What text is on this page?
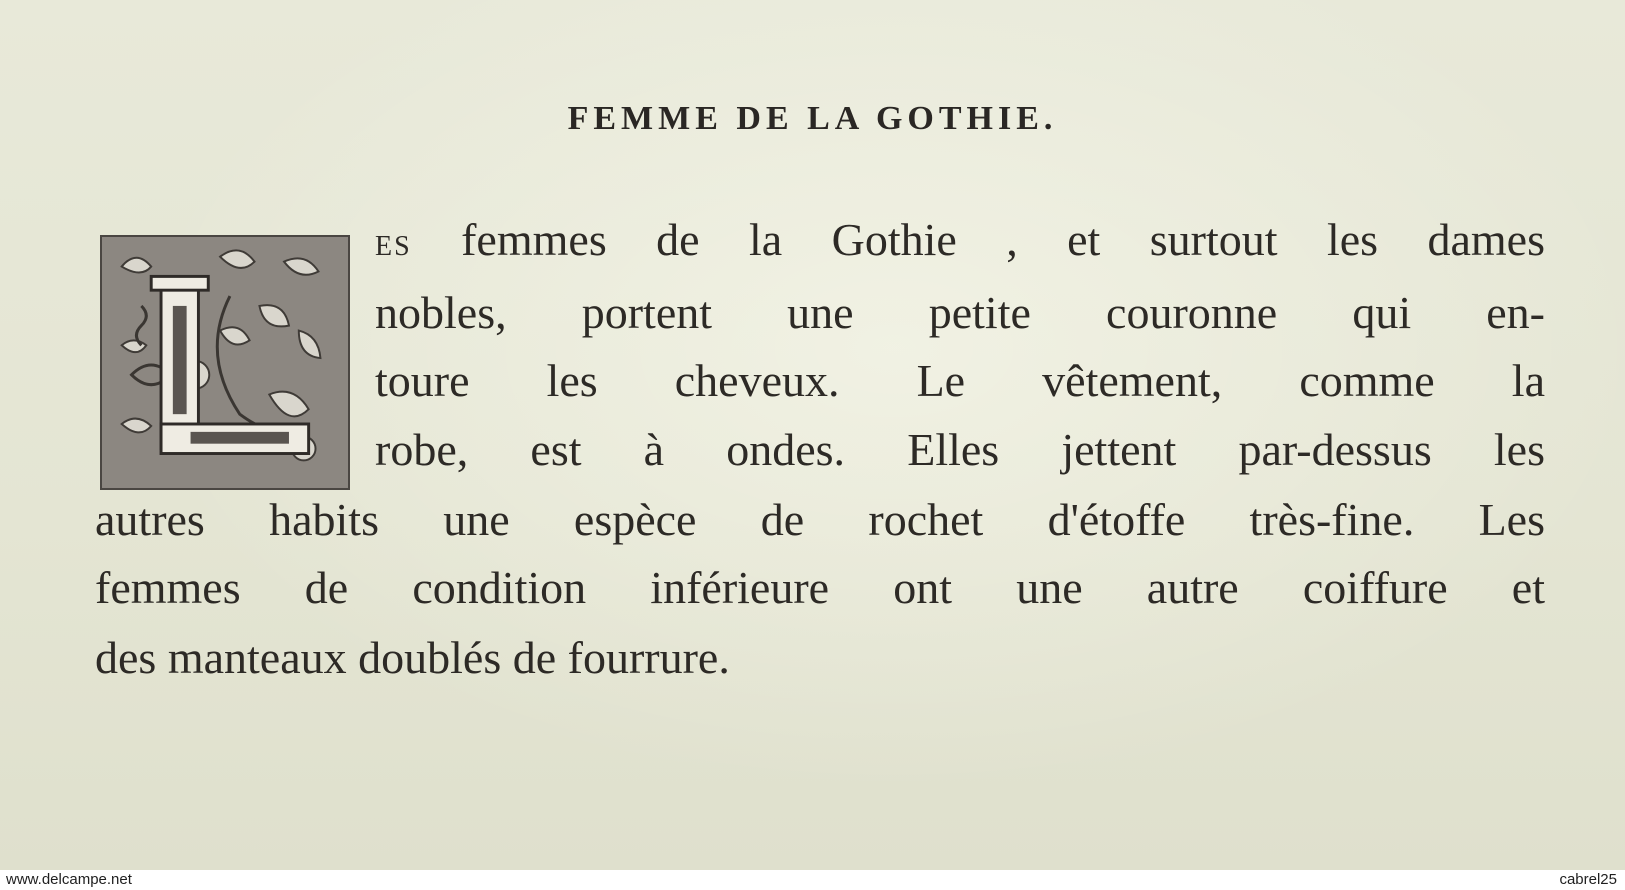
FEMME DE LA GOTHIE.
ES femmes de la Gothie , et surtout les dames
nobles, portent une petite couronne qui en-
toure les cheveux. Le vêtement, comme la
robe, est à ondes. Elles jettent par-dessus les
autres habits une espèce de rochet d'étoffe très-fine. Les
femmes de condition inférieure ont une autre coiffure et
des manteaux doublés de fourrure.
www.delcampe.net	cabrel25
